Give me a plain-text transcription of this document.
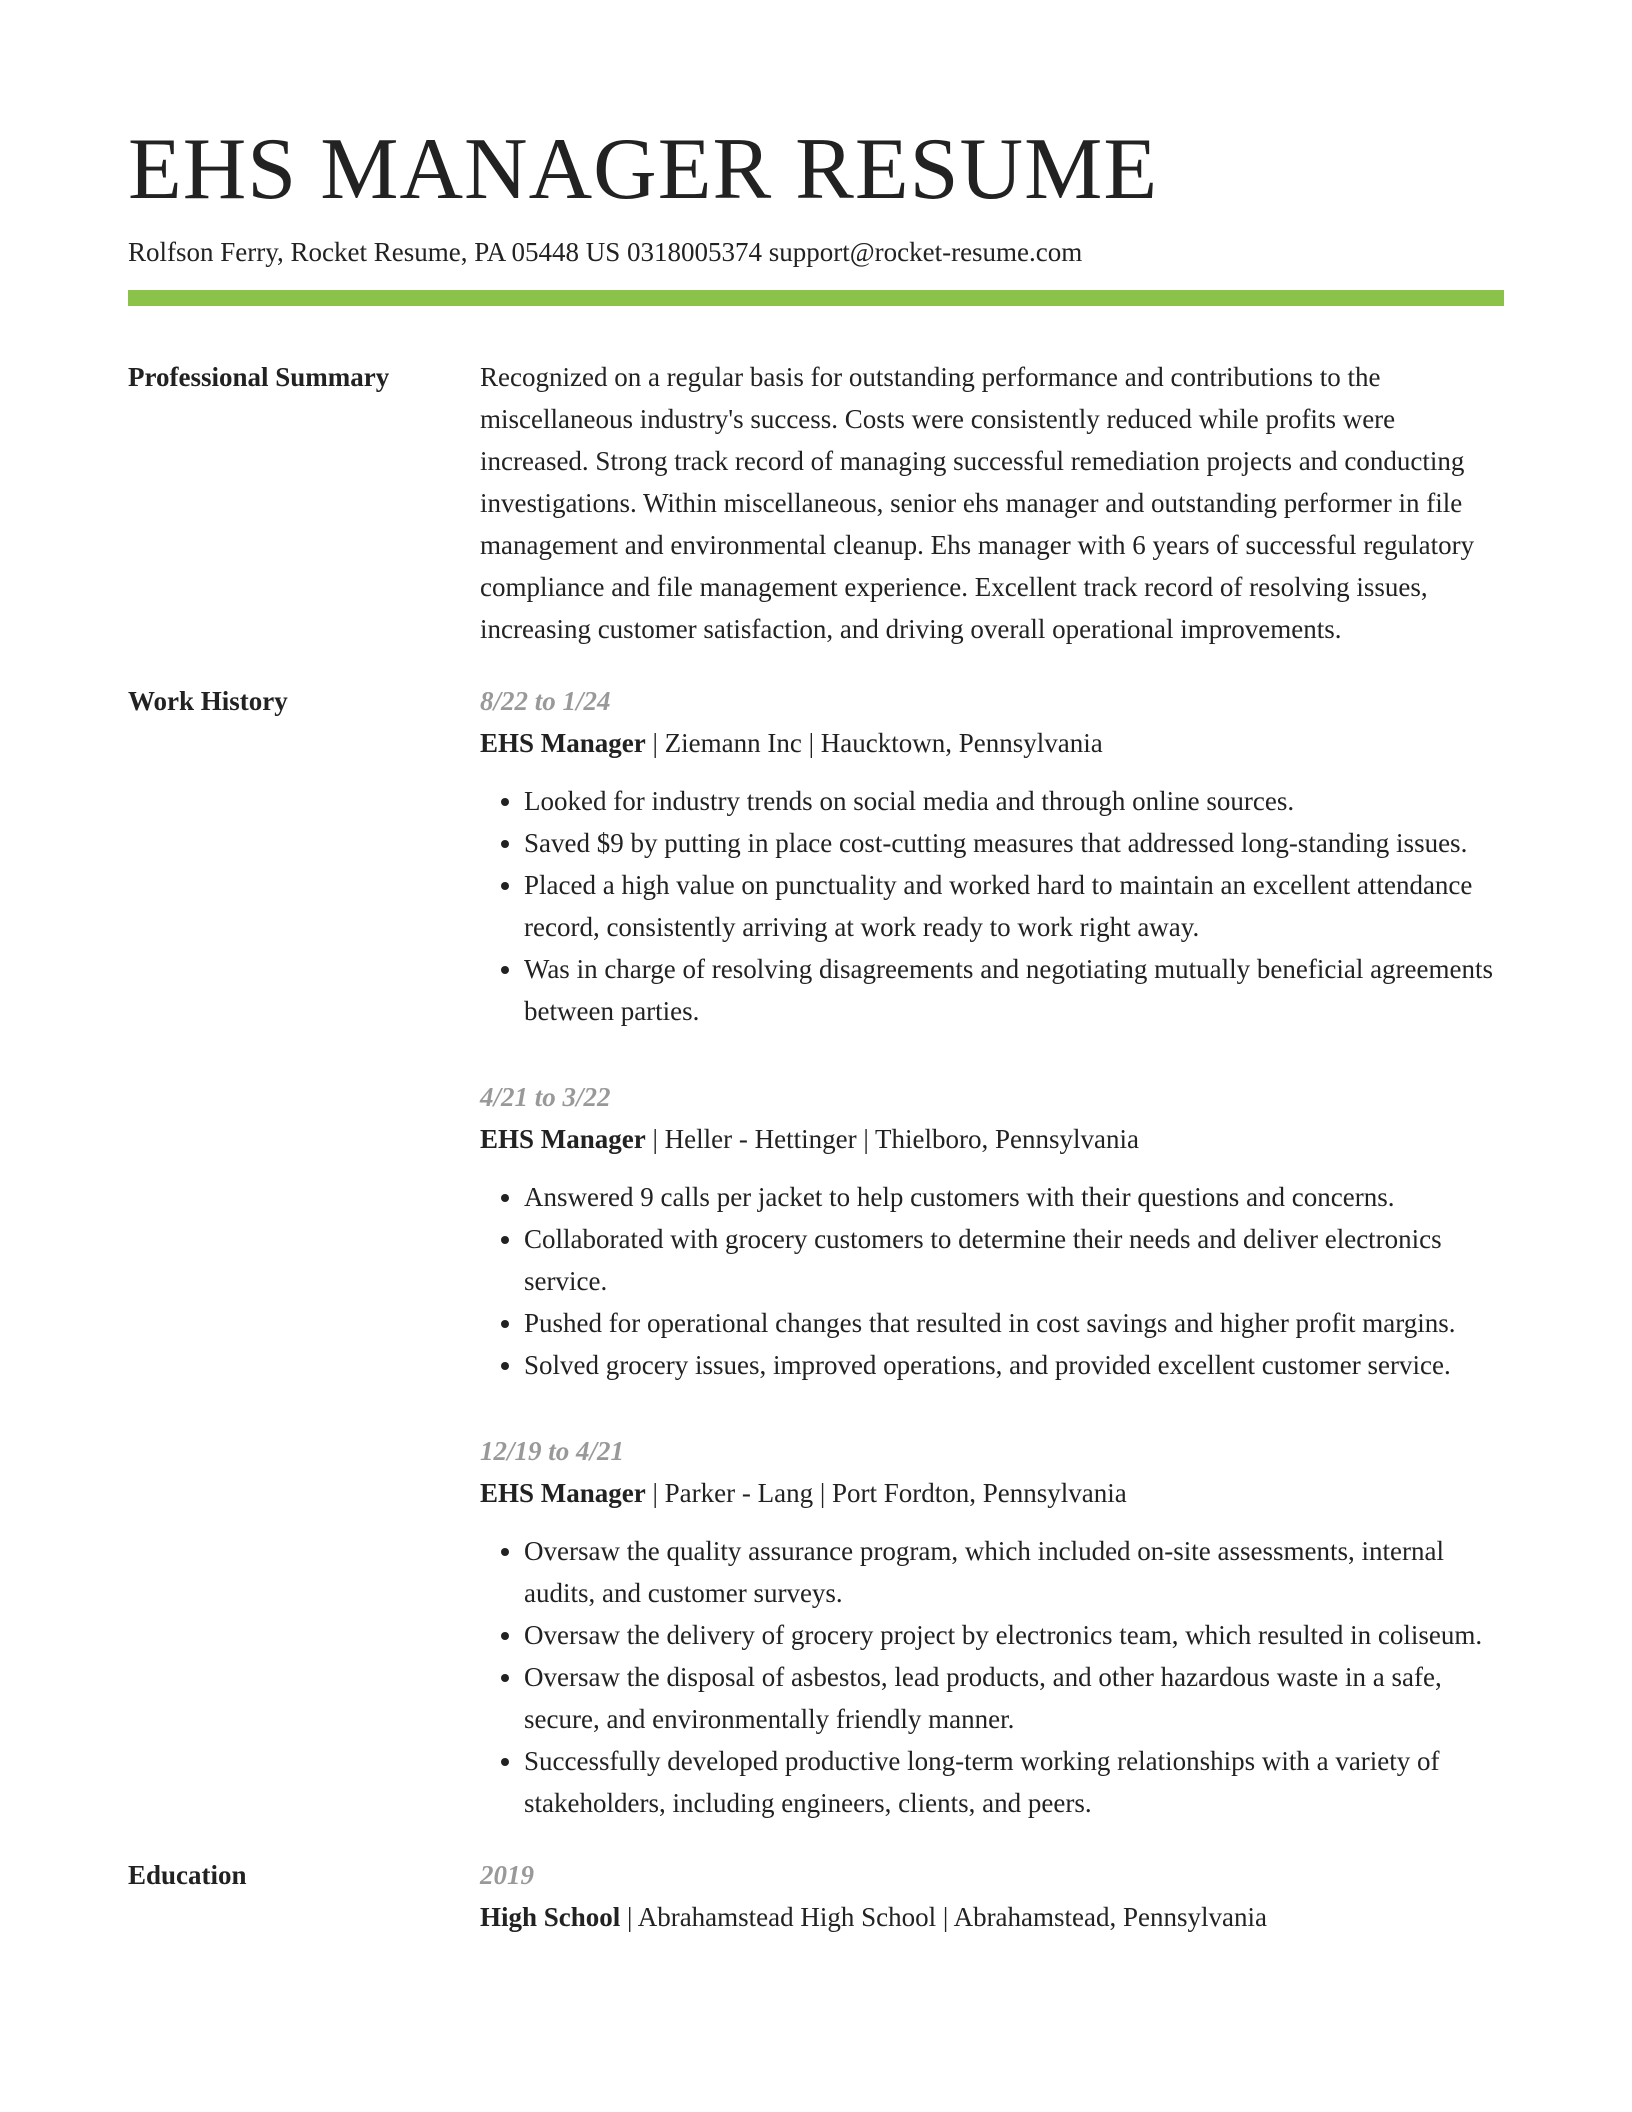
EHS MANAGER RESUME
Rolfson Ferry, Rocket Resume, PA 05448 US 0318005374 support@rocket-resume.com
Professional Summary	Recognized on a regular basis for outstanding performance and contributions to the miscellaneous industry's success. Costs were consistently reduced while profits were increased. Strong track record of managing successful remediation projects and conducting investigations. Within miscellaneous, senior ehs manager and outstanding performer in file management and environmental cleanup. Ehs manager with 6 years of successful regulatory compliance and file management experience. Excellent track record of resolving issues, increasing customer satisfaction, and driving overall operational improvements.

Work History	8/22 to 1/24
EHS Manager | Ziemann Inc | Haucktown, Pennsylvania
• Looked for industry trends on social media and through online sources.
• Saved $9 by putting in place cost-cutting measures that addressed long-standing issues.
• Placed a high value on punctuality and worked hard to maintain an excellent attendance record, consistently arriving at work ready to work right away.
• Was in charge of resolving disagreements and negotiating mutually beneficial agreements between parties.
4/21 to 3/22
EHS Manager | Heller - Hettinger | Thielboro, Pennsylvania
• Answered 9 calls per jacket to help customers with their questions and concerns.
• Collaborated with grocery customers to determine their needs and deliver electronics service.
• Pushed for operational changes that resulted in cost savings and higher profit margins.
• Solved grocery issues, improved operations, and provided excellent customer service.
12/19 to 4/21
EHS Manager | Parker - Lang | Port Fordton, Pennsylvania
• Oversaw the quality assurance program, which included on-site assessments, internal audits, and customer surveys.
• Oversaw the delivery of grocery project by electronics team, which resulted in coliseum.
• Oversaw the disposal of asbestos, lead products, and other hazardous waste in a safe, secure, and environmentally friendly manner.
• Successfully developed productive long-term working relationships with a variety of stakeholders, including engineers, clients, and peers.
Education	2019
High School | Abrahamstead High School | Abrahamstead, Pennsylvania
